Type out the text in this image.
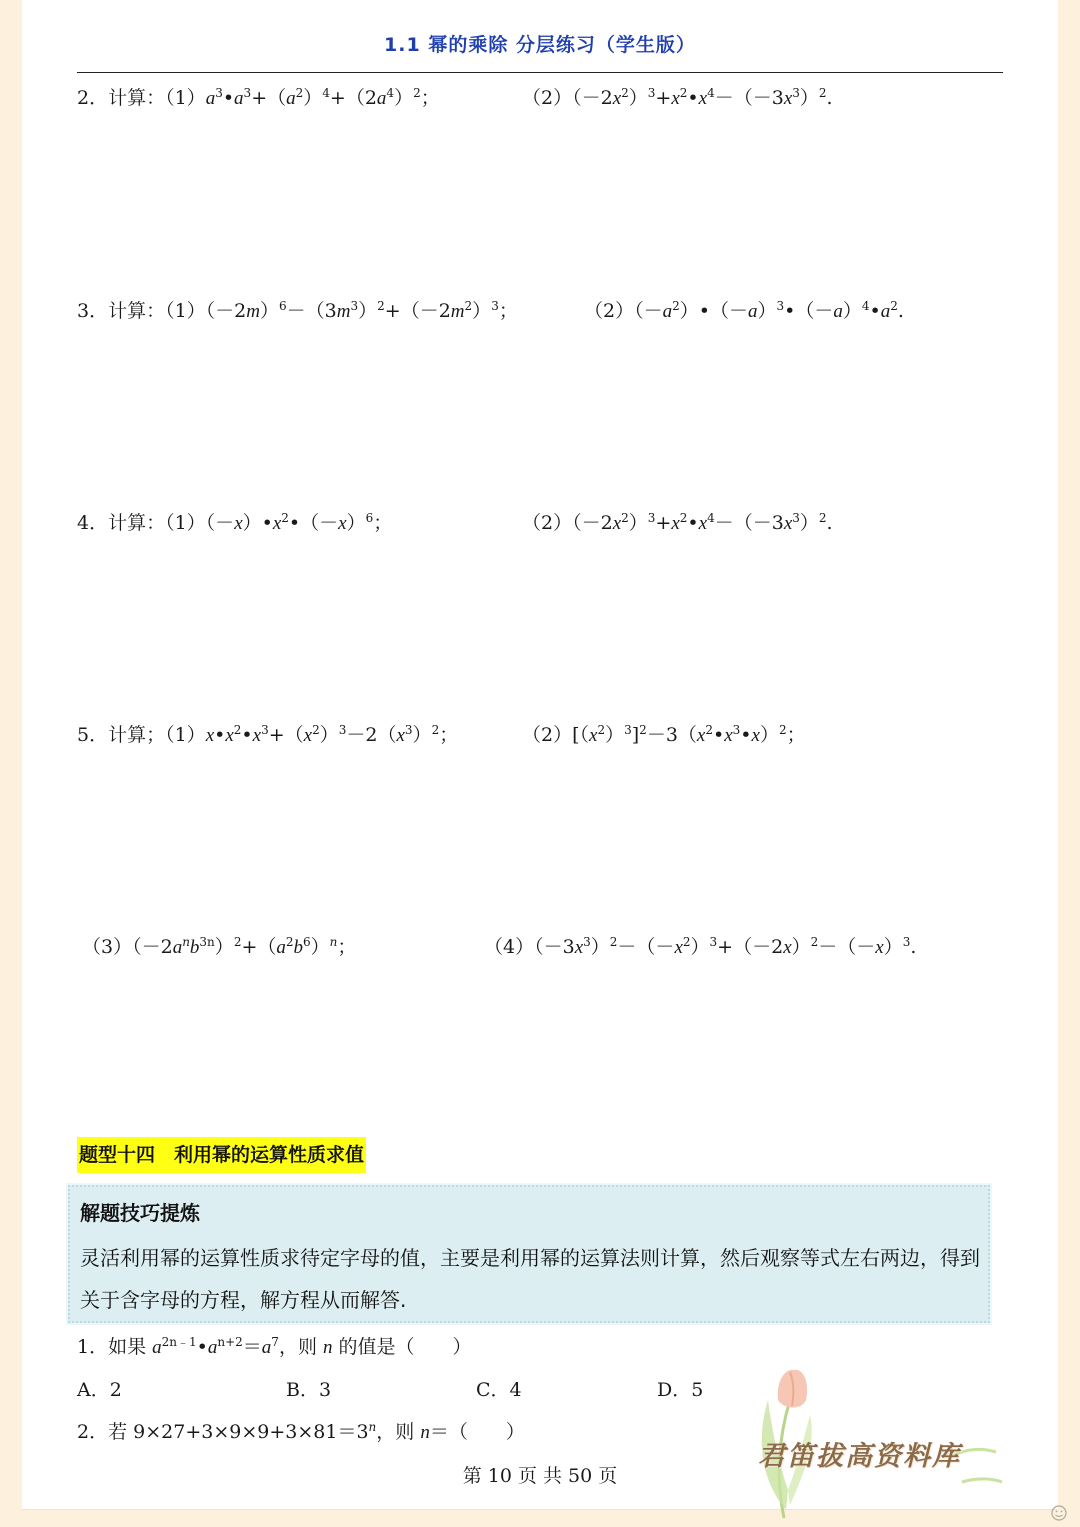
1.1 幂的乘除 分层练习（学生版）
2．计算：$(1)a^3•a^3+(a^2)^4+(2a^4)^2$；	$(2)(-2x^2)^3+x^2•x^4-(-3x^3)^2$.
3．计算：$(1)(-2m)^6-(3m^3)^2+(-2m^2)^3$；	$(2)(-a^2)•(-a)^3•(-a)^4•a^2$.
4．计算：$(1)(-x)•x^2•(-x)^6$；	$(2)(-2x^2)^3+x^2•x^4-(-3x^3)^2$.
5．计算；$(1)x•x^2•x^3+(x^2)^3-2(x^3)^2$；	$(2)[(x^2)^3]^2-3(x^2•x^3•x)^2$；
$(3)(-2a^nb^{3n})^2+(a^2b^6)^n$；	$(4)(-3x^3)^2-(-x^2)^3+(-2x)^2-(-x)^3$.
题型十四　利用幂的运算性质求值
解题技巧提炼
灵活利用幂的运算性质求待定字母的值，主要是利用幂的运算法则计算，然后观察等式左右两边，得到关于含字母的方程，解方程从而解答.
1．如果 $a^{2n﹣1}•a^{n+2}=a^7$，则 n 的值是（　　）
A．2	B．3	C．4	D．5
2．若 $9\times 27+3\times 9\times 9+3\times 81=3^n$，则 n＝（　　）
第 10 页 共 50 页
君笛拔高资料库
